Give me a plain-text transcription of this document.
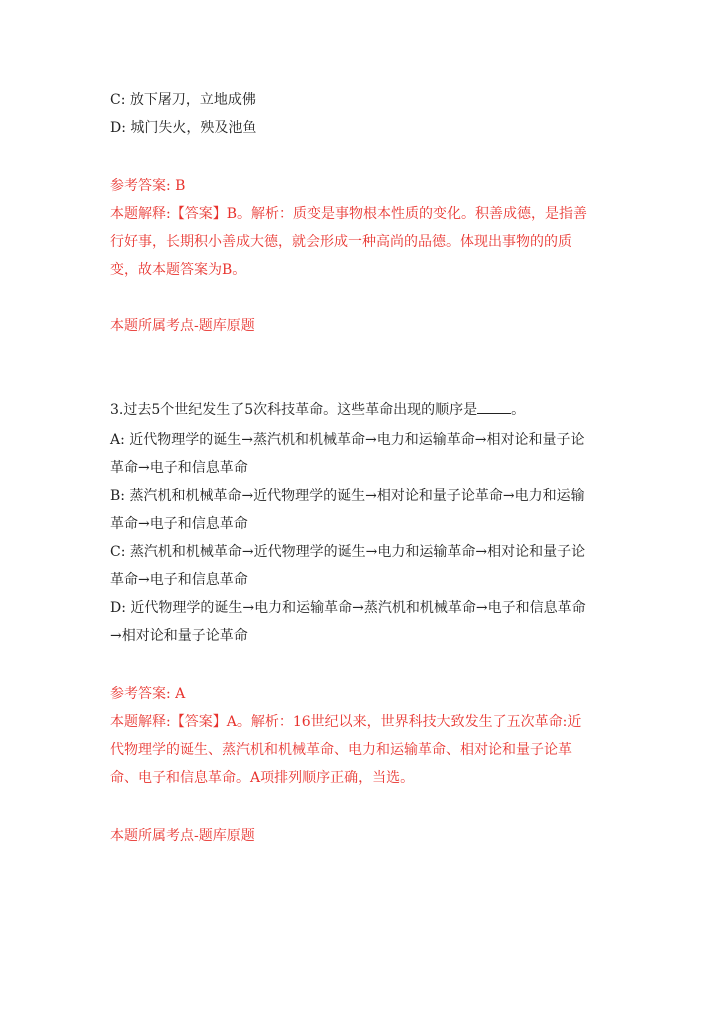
C: 放下屠刀，立地成佛
D: 城门失火，殃及池鱼
参考答案: B
本题解释:【答案】B。解析：质变是事物根本性质的变化。积善成德，是指善
行好事，长期积小善成大德，就会形成一种高尚的品德。体现出事物的的质
变，故本题答案为B。
本题所属考点-题库原题
3.过去5个世纪发生了5次科技革命。这些革命出现的顺序是 。
A: 近代物理学的诞生→蒸汽机和机械革命→电力和运输革命→相对论和量子论
革命→电子和信息革命
B: 蒸汽机和机械革命→近代物理学的诞生→相对论和量子论革命→电力和运输
革命→电子和信息革命
C: 蒸汽机和机械革命→近代物理学的诞生→电力和运输革命→相对论和量子论
革命→电子和信息革命
D: 近代物理学的诞生→电力和运输革命→蒸汽机和机械革命→电子和信息革命
→相对论和量子论革命
参考答案: A
本题解释:【答案】A。解析：16世纪以来，世界科技大致发生了五次革命:近
代物理学的诞生、蒸汽机和机械革命、电力和运输革命、相对论和量子论革
命、电子和信息革命。A项排列顺序正确，当选。
本题所属考点-题库原题
